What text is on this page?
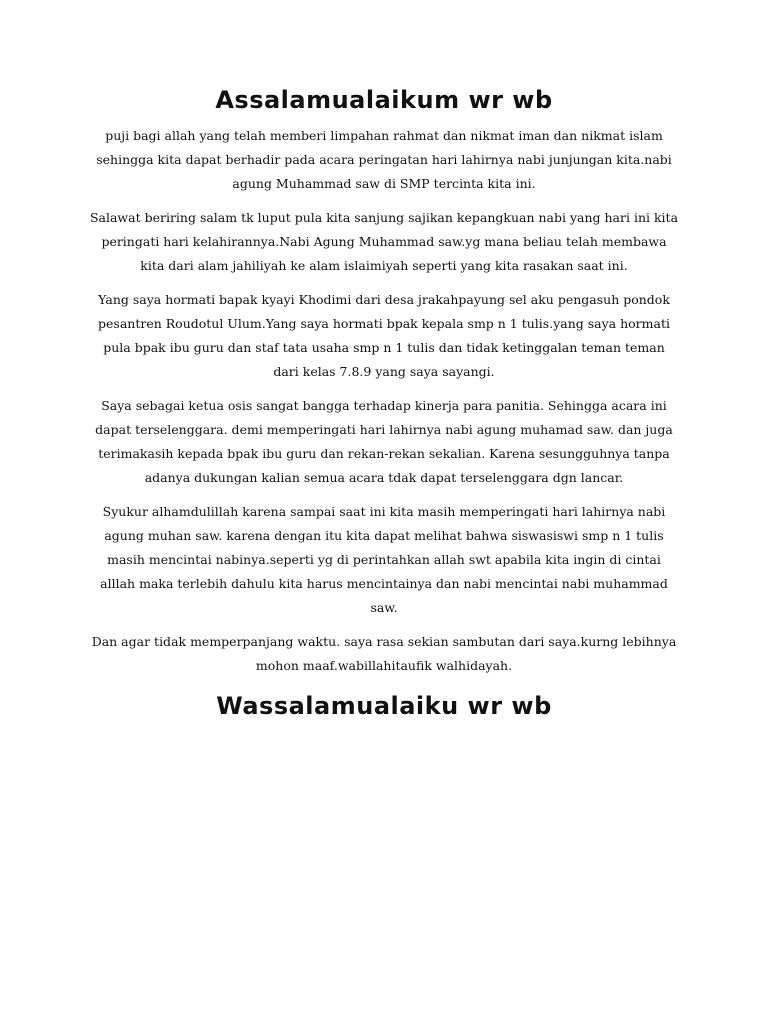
Assalamualaikum wr wb

puji bagi allah yang telah memberi limpahan rahmat dan nikmat iman dan nikmat islam sehingga kita dapat berhadir pada acara peringatan hari lahirnya nabi junjungan kita.nabi agung Muhammad saw di SMP tercinta kita ini.

Salawat beriring salam tk luput pula kita sanjung sajikan kepangkuan nabi yang hari ini kita peringati hari kelahirannya.Nabi Agung Muhammad saw.yg mana beliau telah membawa kita dari alam jahiliyah ke alam islaimiyah seperti yang kita rasakan saat ini.

Yang saya hormati bapak kyayi Khodimi dari desa jrakahpayung sel aku pengasuh pondok pesantren Roudotul Ulum.Yang saya hormati bpak kepala smp n 1 tulis.yang saya hormati pula bpak ibu guru dan staf tata usaha smp n 1 tulis dan tidak ketinggalan teman teman dari kelas 7.8.9 yang saya sayangi.

Saya sebagai ketua osis sangat bangga terhadap kinerja para panitia. Sehingga acara ini dapat terselenggara. demi memperingati hari lahirnya nabi agung muhamad saw. dan juga terimakasih kepada bpak ibu guru dan rekan-rekan sekalian. Karena sesungguhnya tanpa adanya dukungan kalian semua acara tdak dapat terselenggara dgn lancar.

Syukur alhamdulillah karena sampai saat ini kita masih memperingati hari lahirnya nabi agung muhan saw. karena dengan itu kita dapat melihat bahwa siswasiswi smp n 1 tulis masih mencintai nabinya.seperti yg di perintahkan allah swt apabila kita ingin di cintai alllah maka terlebih dahulu kita harus mencintainya dan nabi mencintai nabi muhammad saw.

Dan agar tidak memperpanjang waktu. saya rasa sekian sambutan dari saya.kurng lebihnya mohon maaf.wabillahitaufik walhidayah.

Wassalamualaiku wr wb
